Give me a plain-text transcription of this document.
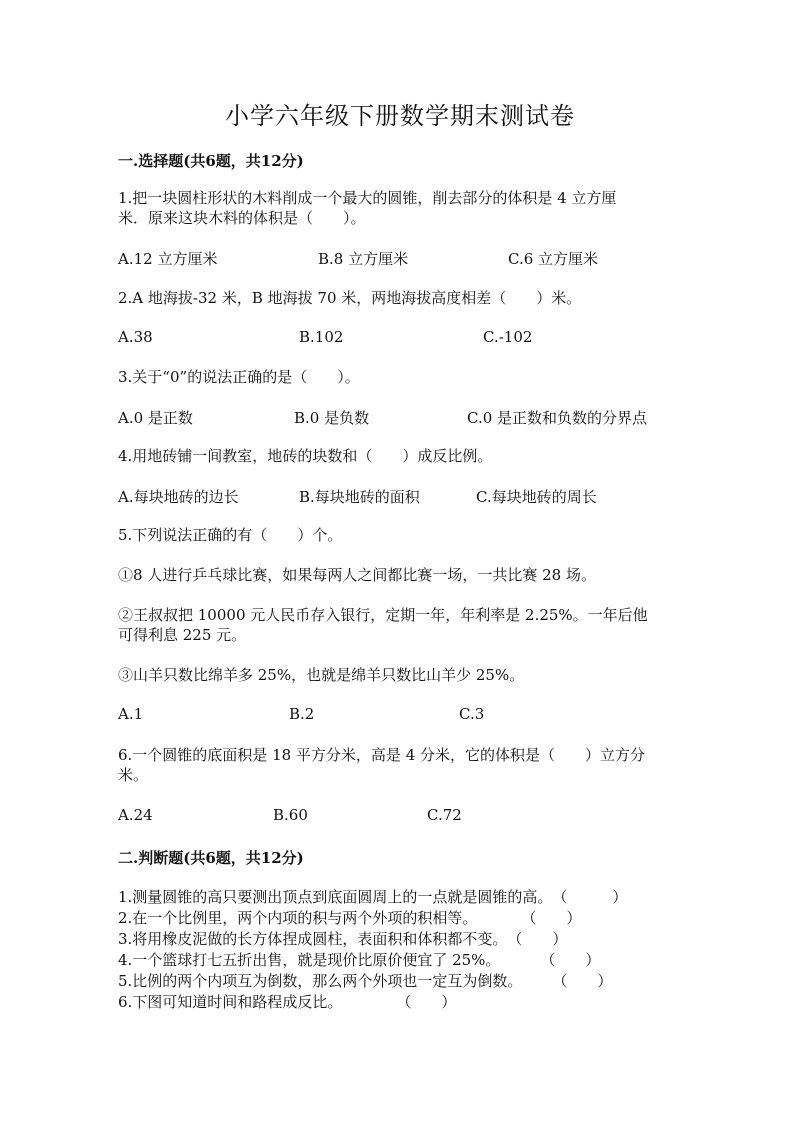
小学六年级下册数学期末测试卷
一.选择题(共6题，共12分)
1.把一块圆柱形状的木料削成一个最大的圆锥，削去部分的体积是 4 立方厘
米．原来这块木料的体积是（　　）。
A.12 立方厘米	B.8 立方厘米	C.6 立方厘米
2.A 地海拔-32 米，B 地海拔 70 米，两地海拔高度相差（　　）米。
A.38	B.102	C.-102
3.关于“0”的说法正确的是（　　）。
A.0 是正数	B.0 是负数	C.0 是正数和负数的分界点
4.用地砖铺一间教室，地砖的块数和（　　）成反比例。
A.每块地砖的边长	B.每块地砖的面积	C.每块地砖的周长
5.下列说法正确的有（　　）个。
①8 人进行乒乓球比赛，如果每两人之间都比赛一场，一共比赛 28 场。
②王叔叔把 10000 元人民币存入银行，定期一年，年利率是 2.25%。一年后他
可得利息 225 元。
③山羊只数比绵羊多 25%，也就是绵羊只数比山羊少 25%。
A.1	B.2	C.3
6.一个圆锥的底面积是 18 平方分米，高是 4 分米，它的体积是（　　）立方分
米。
A.24	B.60	C.72
二.判断题(共6题，共12分)
1.测量圆锥的高只要测出顶点到底面圆周上的一点就是圆锥的高。（　　　）
2.在一个比例里，两个内项的积与两个外项的积相等。	（　　）
3.将用橡皮泥做的长方体捏成圆柱，表面积和体积都不变。（　　）
4.一个篮球打七五折出售，就是现价比原价便宜了 25%。	（　　）
5.比例的两个内项互为倒数，那么两个外项也一定互为倒数。 （　　）
6.下图可知道时间和路程成反比。	（　　）
